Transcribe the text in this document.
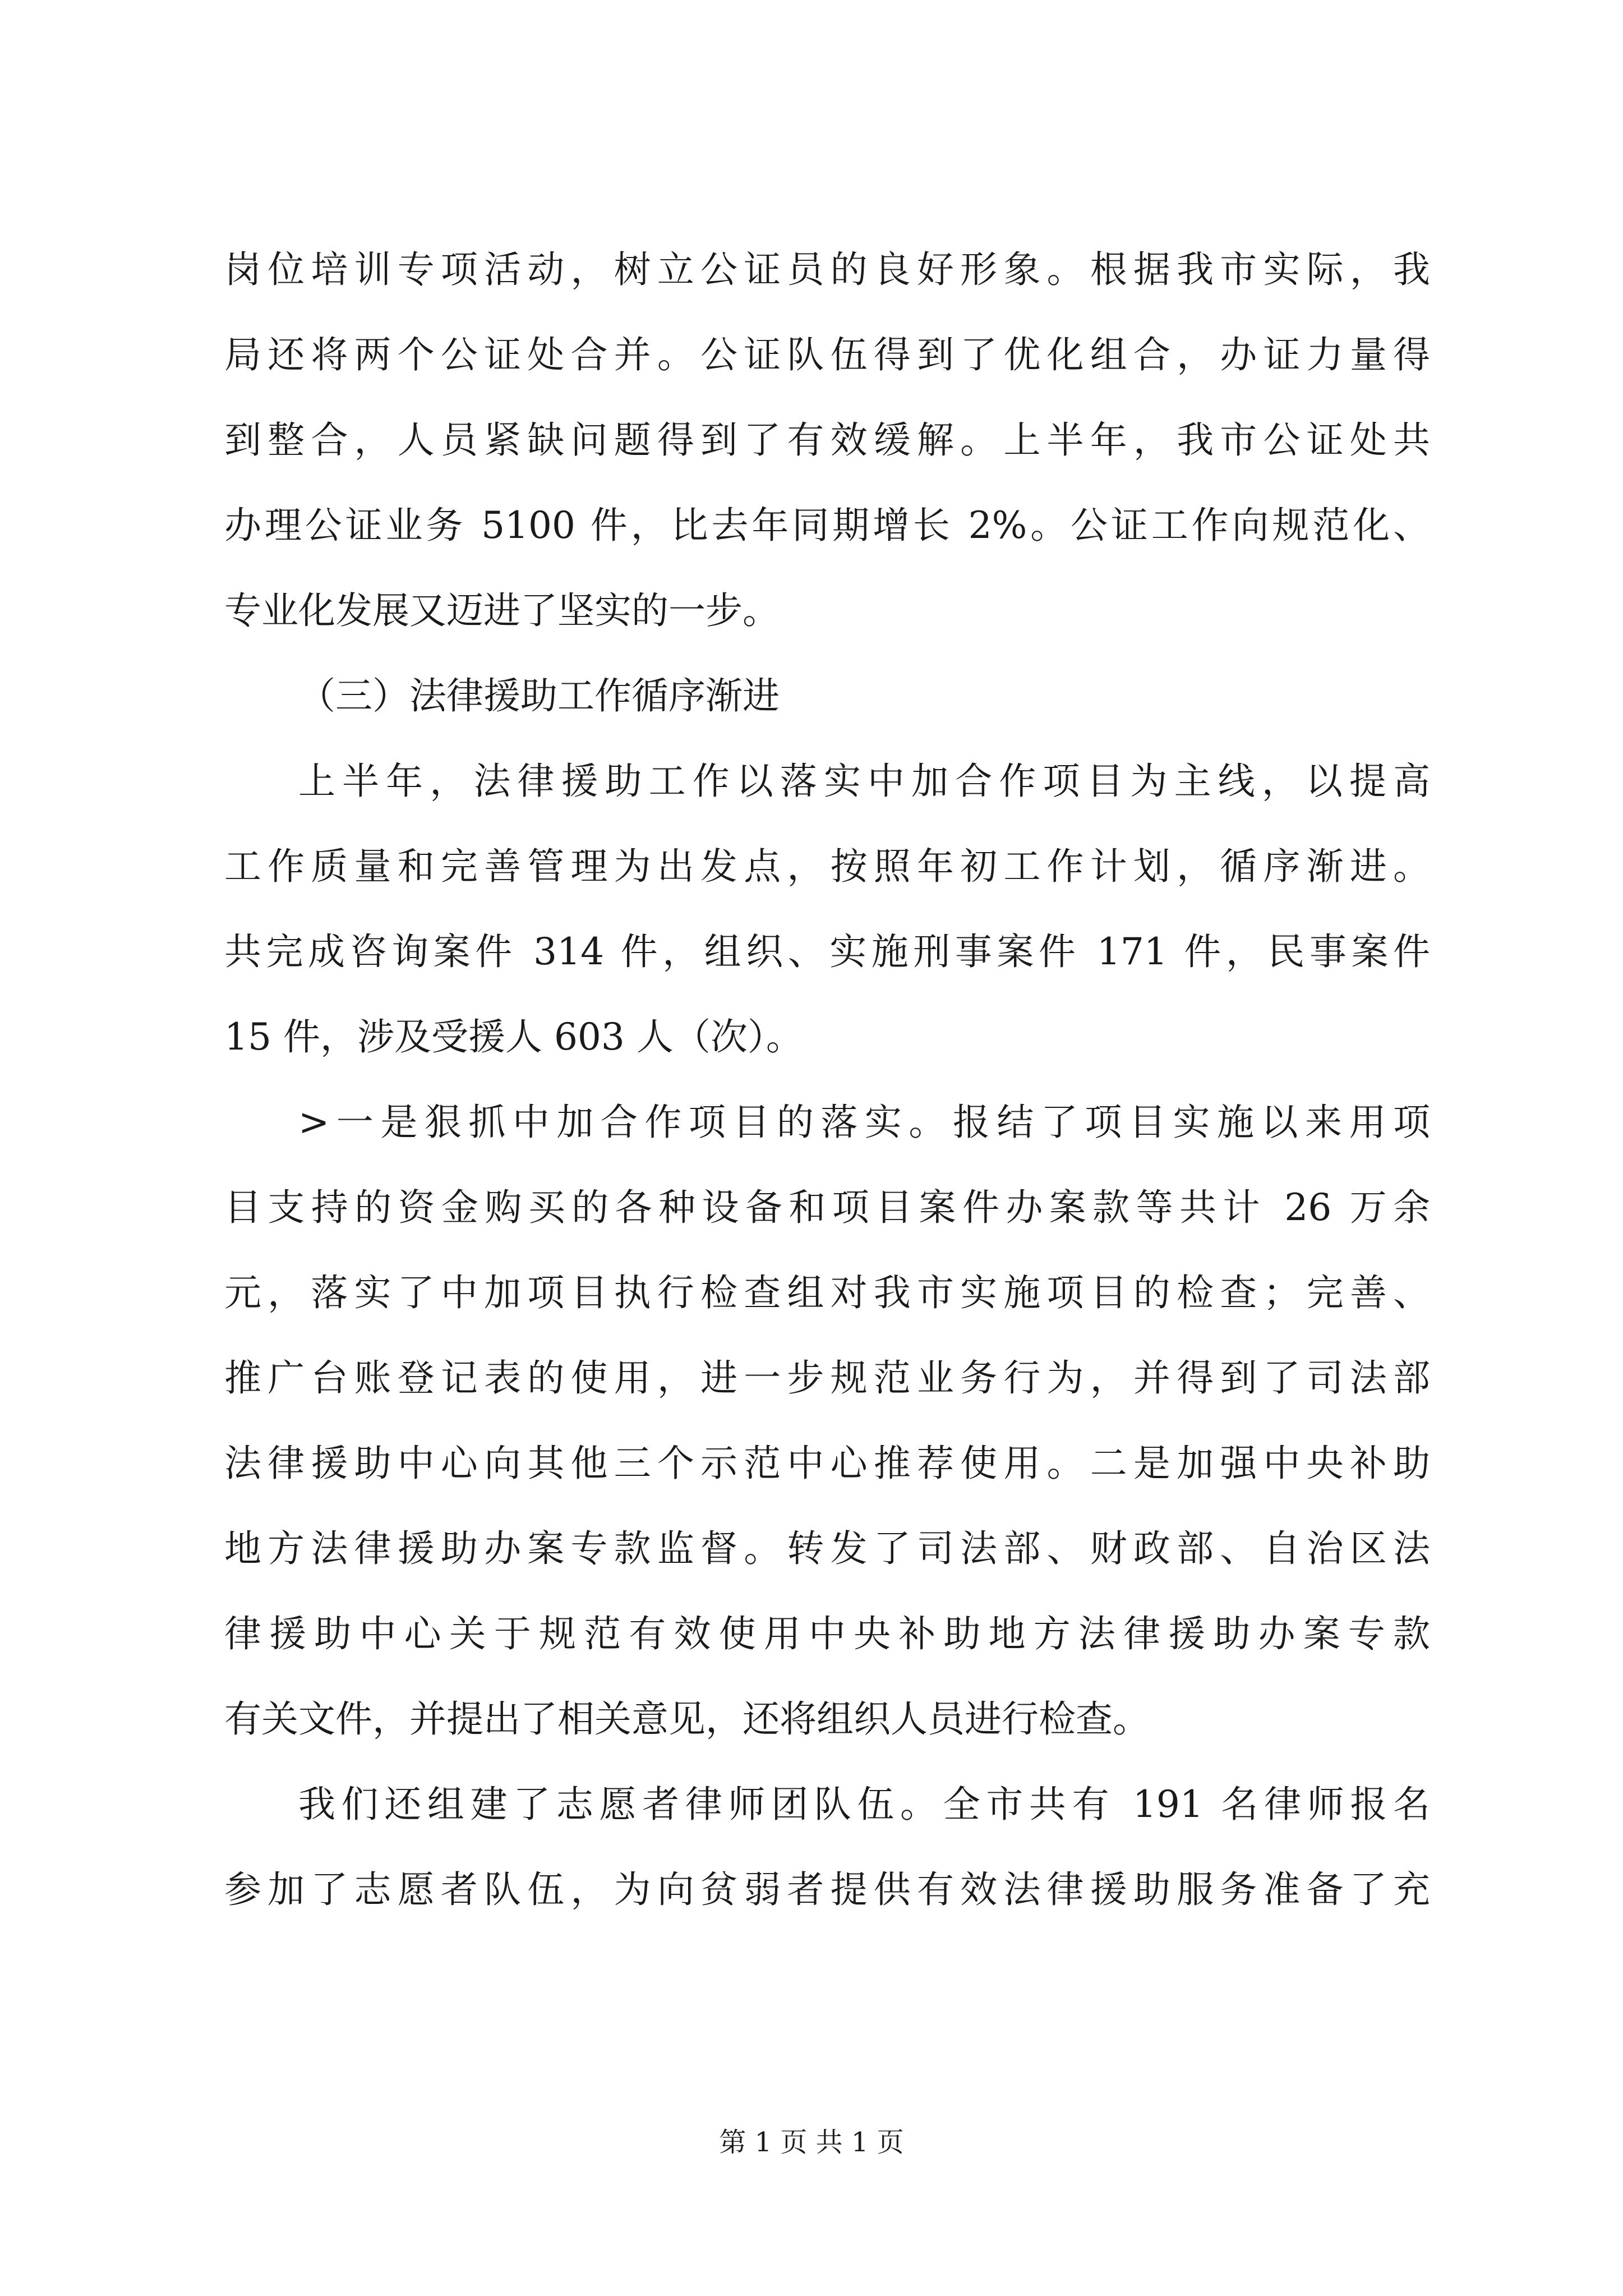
岗位培训专项活动，树立公证员的良好形象。根据我市实际，我
局还将两个公证处合并。公证队伍得到了优化组合，办证力量得
到整合，人员紧缺问题得到了有效缓解。上半年，我市公证处共
办理公证业务 5100 件，比去年同期增长 2%。公证工作向规范化、
专业化发展又迈进了坚实的一步。
（三）法律援助工作循序渐进
上半年，法律援助工作以落实中加合作项目为主线，以提高
工作质量和完善管理为出发点，按照年初工作计划，循序渐进。
共完成咨询案件 314 件，组织、实施刑事案件 171 件，民事案件
15 件，涉及受援人 603 人（次）。
>一是狠抓中加合作项目的落实。报结了项目实施以来用项
目支持的资金购买的各种设备和项目案件办案款等共计 26 万余
元，落实了中加项目执行检查组对我市实施项目的检查；完善、
推广台账登记表的使用，进一步规范业务行为，并得到了司法部
法律援助中心向其他三个示范中心推荐使用。二是加强中央补助
地方法律援助办案专款监督。转发了司法部、财政部、自治区法
律援助中心关于规范有效使用中央补助地方法律援助办案专款
有关文件，并提出了相关意见，还将组织人员进行检查。
我们还组建了志愿者律师团队伍。全市共有 191 名律师报名
参加了志愿者队伍，为向贫弱者提供有效法律援助服务准备了充
第 1 页 共 1 页
